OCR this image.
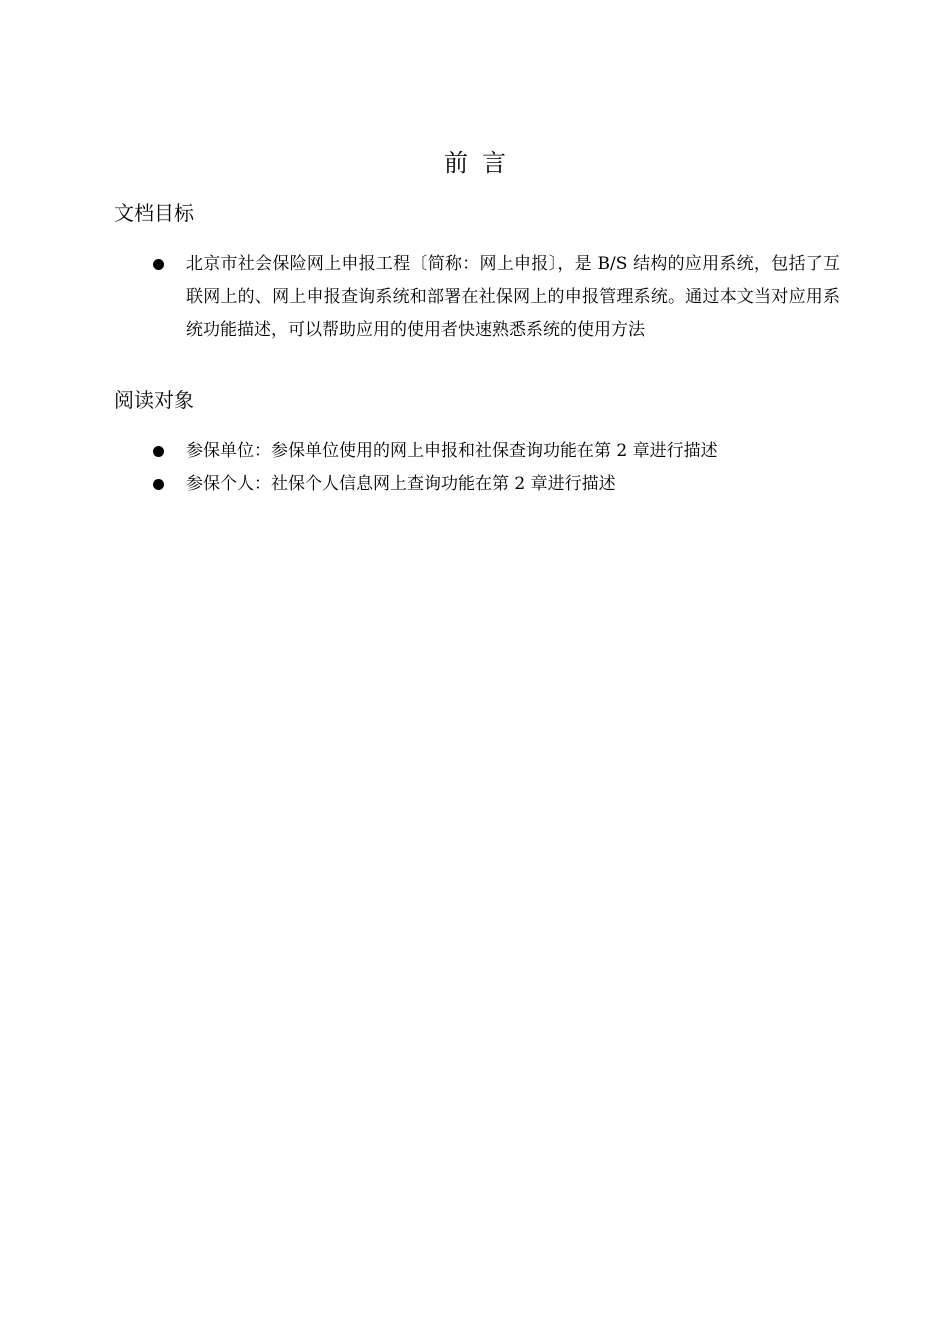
前言
文档目标
北京市社会保险网上申报工程〔简称：网上申报〕，是 B/S 结构的应用系统，包括了互联网上的、网上申报查询系统和部署在社保网上的申报管理系统。通过本文当对应用系统功能描述，可以帮助应用的使用者快速熟悉系统的使用方法
阅读对象
参保单位：参保单位使用的网上申报和社保查询功能在第 2 章进行描述
参保个人：社保个人信息网上查询功能在第 2 章进行描述
